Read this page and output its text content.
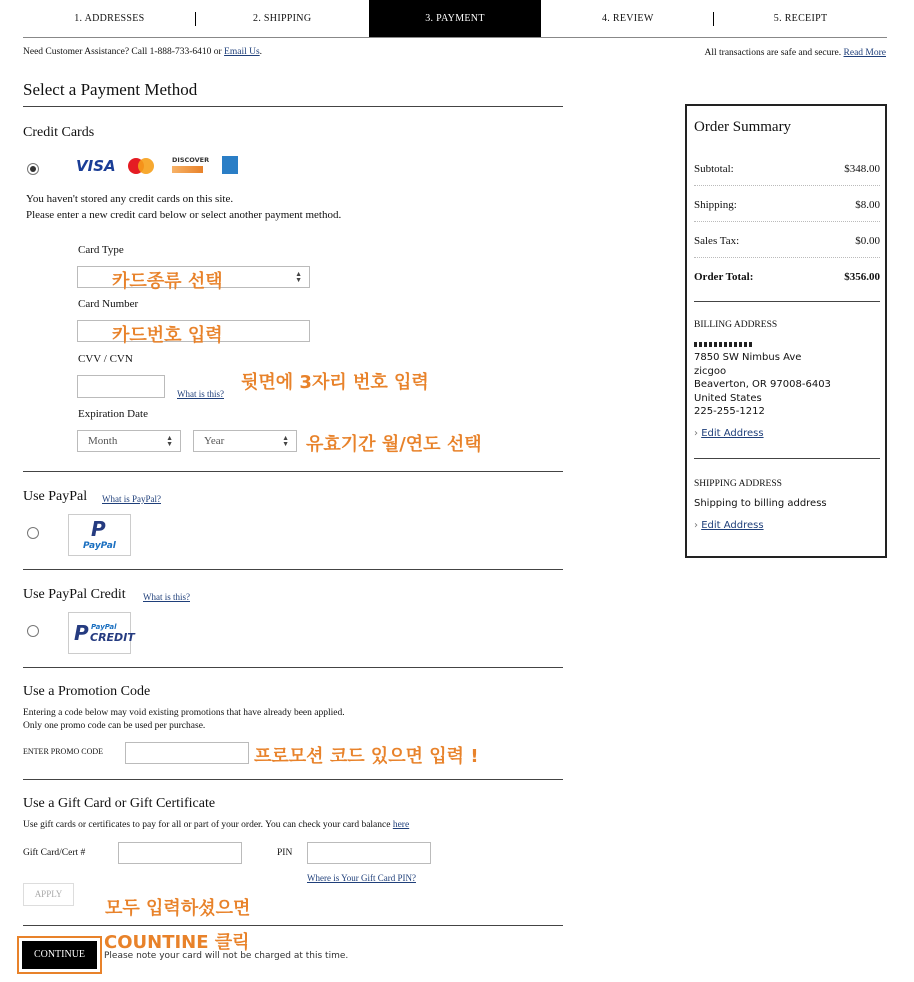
1. ADDRESSES	2. SHIPPING	3. PAYMENT	4. REVIEW	5. RECEIPT
Need Customer Assistance? Call 1-888-733-6410 or Email Us.	All transactions are safe and secure. Read More
Select a Payment Method
Credit Cards
VISA	DISCOVER
You haven't stored any credit cards on this site.
Please enter a new credit card below or select another payment method.
Card Type
카드종류 선택	▲
▼
Card Number
카드번호 입력
CVV / CVN
What is this?
뒷면에 3자리 번호 입력
Expiration Date
Month	▲
▼	Year	▲
▼ 유효기간 월/연도 선택
Use PayPal What is PayPal?
P
PayPal
Use PayPal Credit What is this?
P PayPal
CREDIT
Use a Promotion Code
Entering a code below may void existing promotions that have already been applied.
Only one promo code can be used per purchase.
ENTER PROMO CODE	프로모션 코드 있으면 입력 !
Use a Gift Card or Gift Certificate
Use gift cards or certificates to pay for all or part of your order. You can check your card balance here
Gift Card/Cert #	PIN
Where is Your Gift Card PIN?
APPLY
모두 입력하셨으면
CONTINUE
COUNTINE 클릭
Please note your card will not be charged at this time.
Order Summary
Subtotal:	$348.00
Shipping:	$8.00
Sales Tax:	$0.00
Order Total:	$356.00
BILLING ADDRESS
7850 SW Nimbus Ave
zicgoo
Beaverton, OR 97008-6403
United States
225-255-1212
› Edit Address
SHIPPING ADDRESS
Shipping to billing address
› Edit Address
